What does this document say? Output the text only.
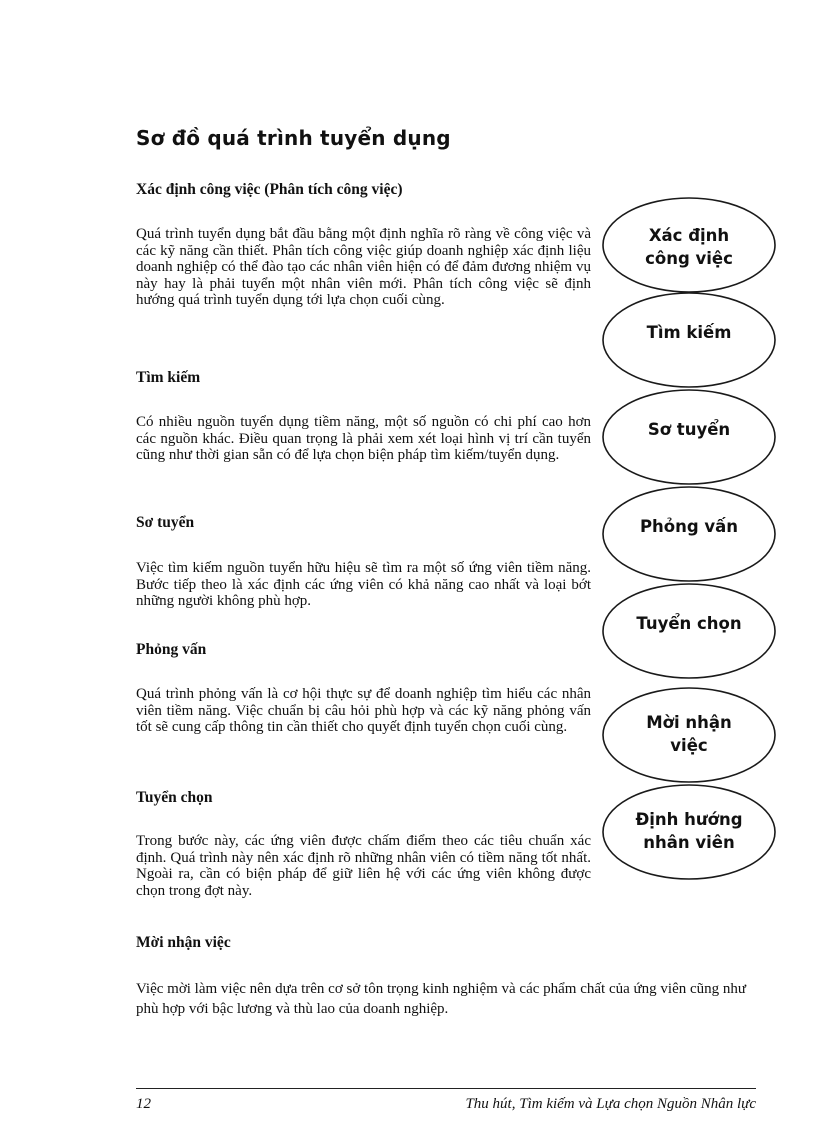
Sơ đồ quá trình tuyển dụng
Xác định công việc (Phân tích công việc)
Quá trình tuyển dụng bắt đầu bằng một định nghĩa rõ ràng về công việc và các kỹ năng cần thiết. Phân tích công việc giúp doanh nghiệp xác định liệu doanh nghiệp có thể đào tạo các nhân viên hiện có để đảm đương nhiệm vụ này hay là phải tuyển một nhân viên mới. Phân tích công việc sẽ định hướng quá trình tuyển dụng tới lựa chọn cuối cùng.
Tìm kiếm
Có nhiều nguồn tuyển dụng tiềm năng, một số nguồn có chi phí cao hơn các nguồn khác. Điều quan trọng là phải xem xét loại hình vị trí cần tuyển cũng như thời gian sẵn có để lựa chọn biện pháp tìm kiếm/tuyển dụng.
Sơ tuyển
Việc tìm kiếm nguồn tuyển hữu hiệu sẽ tìm ra một số ứng viên tiềm năng. Bước tiếp theo là xác định các ứng viên có khả năng cao nhất và loại bớt những người không phù hợp.
Phỏng vấn
Quá trình phỏng vấn là cơ hội thực sự để doanh nghiệp tìm hiểu các nhân viên tiềm năng. Việc chuẩn bị câu hỏi phù hợp và các kỹ năng phỏng vấn tốt sẽ cung cấp thông tin cần thiết cho quyết định tuyển chọn cuối cùng.
Tuyển chọn
Trong bước này, các ứng viên được chấm điểm theo các tiêu chuẩn xác định. Quá trình này nên xác định rõ những nhân viên có tiềm năng tốt nhất. Ngoài ra, cần có biện pháp để giữ liên hệ với các ứng viên không được chọn trong đợt này.
Mời nhận việc
Việc mời làm việc nên dựa trên cơ sở tôn trọng kinh nghiệm và các phẩm chất của ứng viên cũng như phù hợp với bậc lương và thù lao của doanh nghiệp.
Xác định
công việc
Tìm kiếm
Sơ tuyển
Phỏng vấn
Tuyển chọn
Mời nhận
việc
Định hướng
nhân viên
12	Thu hút, Tìm kiếm và Lựa chọn Nguồn Nhân lực
